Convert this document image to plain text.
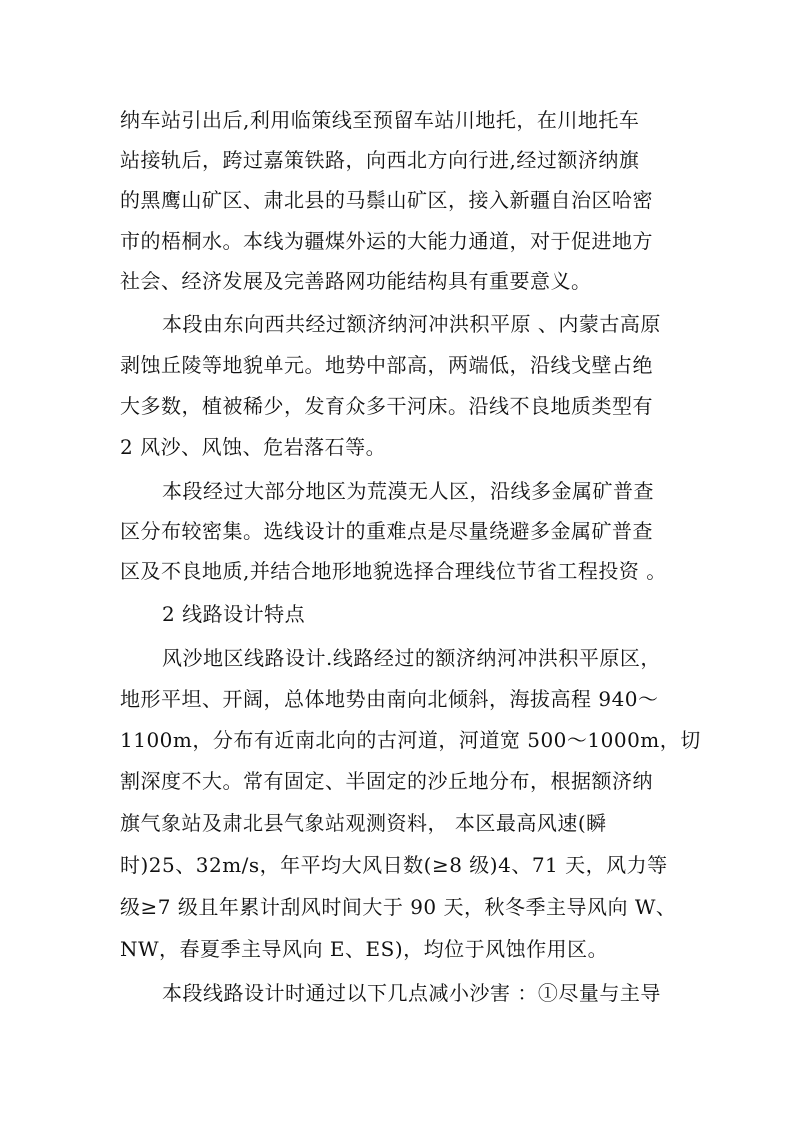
纳车站引出后,利用临策线至预留车站川地托，在川地托车
站接轨后，跨过嘉策铁路，向西北方向行进,经过额济纳旗
的黑鹰山矿区、肃北县的马鬃山矿区，接入新疆自治区哈密
市的梧桐水。本线为疆煤外运的大能力通道，对于促进地方
社会、经济发展及完善路网功能结构具有重要意义。
本段由东向西共经过额济纳河冲洪积平原 、内蒙古高原
剥蚀丘陵等地貌单元。地势中部高，两端低，沿线戈壁占绝
大多数，植被稀少，发育众多干河床。沿线不良地质类型有
2 风沙、风蚀、危岩落石等。
本段经过大部分地区为荒漠无人区，沿线多金属矿普查
区分布较密集。选线设计的重难点是尽量绕避多金属矿普查
区及不良地质,并结合地形地貌选择合理线位节省工程投资 。
2 线路设计特点
风沙地区线路设计.线路经过的额济纳河冲洪积平原区，
地形平坦、开阔，总体地势由南向北倾斜，海拔高程 940～
1100m，分布有近南北向的古河道，河道宽 500～1000m，切
割深度不大。常有固定、半固定的沙丘地分布，根据额济纳
旗气象站及肃北县气象站观测资料， 本区最高风速(瞬
时)25、32m/s，年平均大风日数(≥8 级)4、71 天，风力等
级≥7 级且年累计刮风时间大于 90 天，秋冬季主导风向 W、
NW，春夏季主导风向 E、ES)，均位于风蚀作用区。
本段线路设计时通过以下几点减小沙害 ：①尽量与主导
